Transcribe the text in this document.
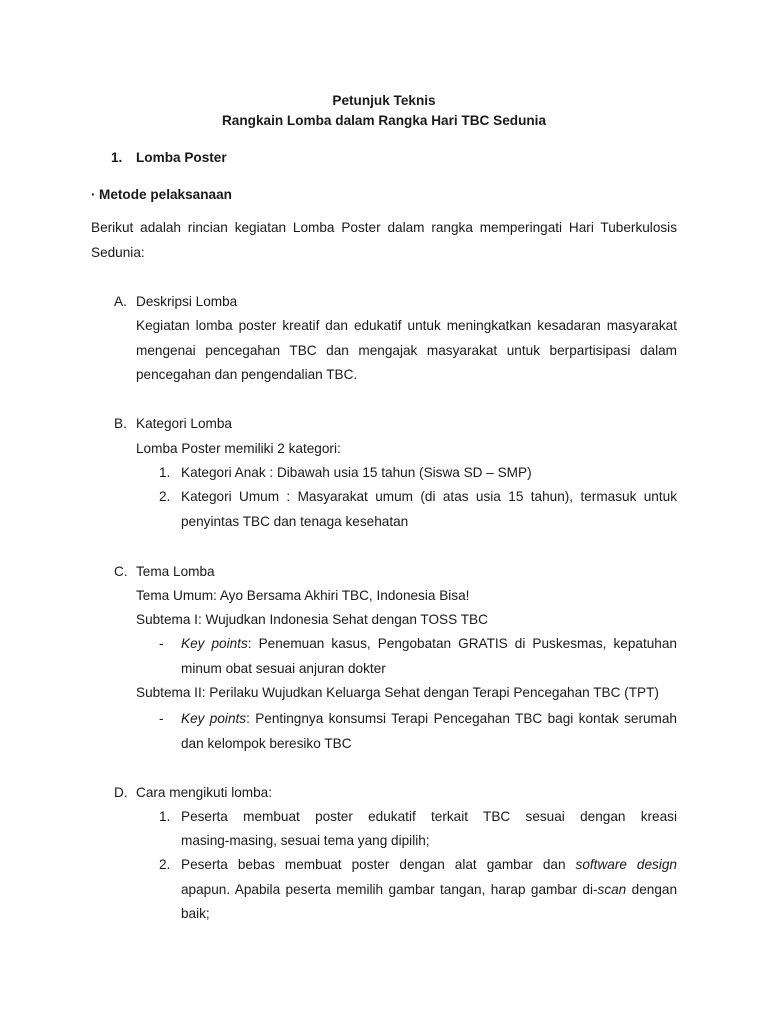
Petunjuk Teknis
Rangkain Lomba dalam Rangka Hari TBC Sedunia
1. Lomba Poster
· Metode pelaksanaan
Berikut adalah rincian kegiatan Lomba Poster dalam rangka memperingati Hari Tuberkulosis
Sedunia:
A. Deskripsi Lomba
Kegiatan lomba poster kreatif dan edukatif untuk meningkatkan kesadaran masyarakat
mengenai pencegahan TBC dan mengajak masyarakat untuk berpartisipasi dalam
pencegahan dan pengendalian TBC.
B. Kategori Lomba
Lomba Poster memiliki 2 kategori:
1. Kategori Anak : Dibawah usia 15 tahun (Siswa SD – SMP)
2. Kategori Umum : Masyarakat umum (di atas usia 15 tahun), termasuk untuk
penyintas TBC dan tenaga kesehatan
C. Tema Lomba
Tema Umum: Ayo Bersama Akhiri TBC, Indonesia Bisa!
Subtema I: Wujudkan Indonesia Sehat dengan TOSS TBC
- Key points: Penemuan kasus, Pengobatan GRATIS di Puskesmas, kepatuhan
minum obat sesuai anjuran dokter
Subtema II: Perilaku Wujudkan Keluarga Sehat dengan Terapi Pencegahan TBC (TPT)
- Key points: Pentingnya konsumsi Terapi Pencegahan TBC bagi kontak serumah
dan kelompok beresiko TBC
D. Cara mengikuti lomba:
1. Peserta membuat poster edukatif terkait TBC sesuai dengan kreasi
masing-masing, sesuai tema yang dipilih;
2. Peserta bebas membuat poster dengan alat gambar dan software design
apapun. Apabila peserta memilih gambar tangan, harap gambar di-scan dengan
baik;
